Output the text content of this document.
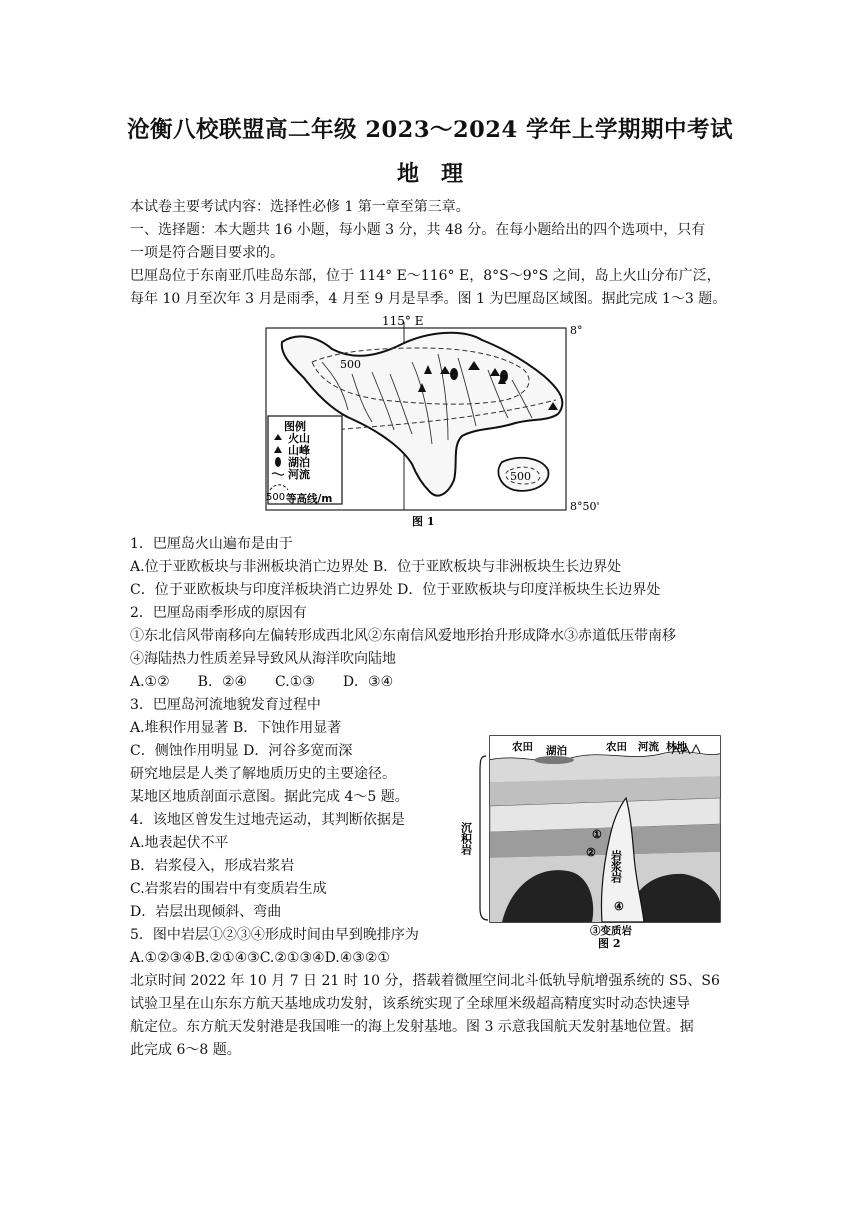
沧衡八校联盟高二年级 2023～2024 学年上学期期中考试
地　理
本试卷主要考试内容：选择性必修 1 第一章至第三章。
一、选择题：本大题共 16 小题，每小题 3 分，共 48 分。在每小题给出的四个选项中，只有
一项是符合题目要求的。
巴厘岛位于东南亚爪哇岛东部，位于 114° E～116° E，8°S～9°S 之间，岛上火山分布广泛，
每年 10 月至次年 3 月是雨季，4 月至 9 月是旱季。图 1 为巴厘岛区域图。据此完成 1～3 题。
115° E
8°
8°50'
500
500
图例
火山
山峰
湖泊
河流
500 等高线/m
图 1
1．巴厘岛火山遍布是由于
A.位于亚欧板块与非洲板块消亡边界处 B．位于亚欧板块与非洲板块生长边界处
C．位于亚欧板块与印度洋板块消亡边界处 D．位于亚欧板块与印度洋板块生长边界处
2．巴厘岛雨季形成的原因有
①东北信风带南移向左偏转形成西北风②东南信风爱地形抬升形成降水③赤道低压带南移
④海陆热力性质差异导致风从海洋吹向陆地
A.①②　　B．②④　　C.①③　　D．③④
3．巴厘岛河流地貌发育过程中
A.堆积作用显著 B．下蚀作用显著
C．侧蚀作用明显 D．河谷多宽而深
研究地层是人类了解地质历史的主要途径。
某地区地质剖面示意图。据此完成 4～5 题。
4．该地区曾发生过地壳运动，其判断依据是
A.地表起伏不平
B．岩浆侵入，形成岩浆岩
C.岩浆岩的围岩中有变质岩生成
D．岩层出现倾斜、弯曲
5．图中岩层①②③④形成时间由早到晚排序为
A.①②③④B.②①④③C.②①③④D.④③②①
农田 湖泊	农田 河流 林地
沉积岩	①
② 岩浆岩
④
③变质岩
图 2
北京时间 2022 年 10 月 7 日 21 时 10 分，搭载着微厘空间北斗低轨导航增强系统的 S5、S6
试验卫星在山东东方航天基地成功发射，该系统实现了全球厘米级超高精度实时动态快速导
航定位。东方航天发射港是我国唯一的海上发射基地。图 3 示意我国航天发射基地位置。据
此完成 6～8 题。
